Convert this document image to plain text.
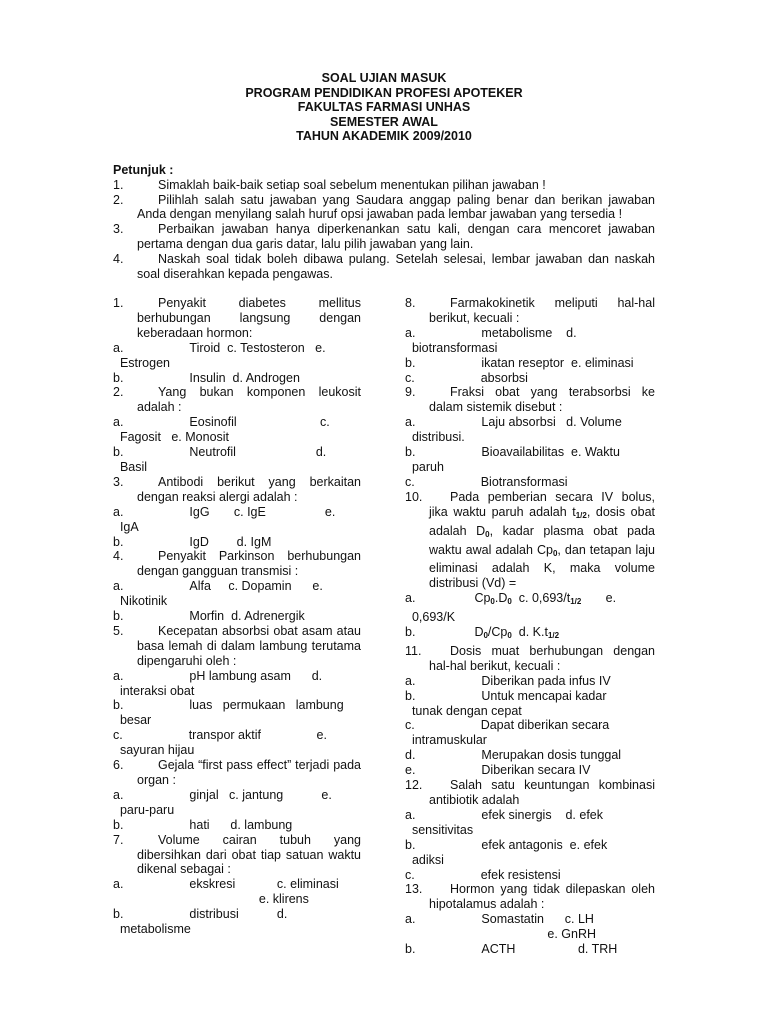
SOAL UJIAN MASUK
PROGRAM PENDIDIKAN PROFESI APOTEKER
FAKULTAS FARMASI UNHAS
SEMESTER AWAL
TAHUN AKADEMIK 2009/2010
Petunjuk :
1.	Simaklah baik-baik setiap soal sebelum menentukan pilihan jawaban !
2.	Pilihlah salah satu jawaban yang Saudara anggap paling benar dan berikan jawaban Anda dengan menyilang salah huruf opsi jawaban pada lembar jawaban yang tersedia !
3.	Perbaikan jawaban hanya diperkenankan satu kali, dengan cara mencoret jawaban pertama dengan dua garis datar, lalu pilih jawaban yang lain.
4.	Naskah soal tidak boleh dibawa pulang. Setelah selesai, lembar jawaban dan naskah soal diserahkan kepada pengawas.
1.	Penyakit diabetes mellitus berhubungan langsung dengan keberadaan hormon:
a.                   Tiroid  c. Testosteron   e.
Estrogen
b.                   Insulin  d. Androgen
2.	Yang bukan komponen leukosit adalah :
a.                   Eosinofil                        c.
Fagosit   e. Monosit
b.                   Neutrofil                       d.
Basil
3.	Antibodi berikut yang berkaitan dengan reaksi alergi adalah :
a.                   IgG       c. IgE                 e.
IgA
b.                   IgD        d. IgM
4.	Penyakit Parkinson berhubungan dengan gangguan transmisi :
a.                   Alfa     c. Dopamin      e.
Nikotinik
b.                   Morfin  d. Adrenergik
5.	Kecepatan absorbsi obat asam atau basa lemah di dalam lambung terutama dipengaruhi oleh :
a.                   pH lambung asam      d.
interaksi obat
b.                   luas   permukaan   lambung
besar
c.                   transpor aktif                e.
sayuran hijau
6.	Gejala “first pass effect” terjadi pada organ :
a.                   ginjal   c. jantung           e.
paru-paru
b.                   hati      d. lambung
7.	Volume cairan tubuh yang dibersihkan dari obat tiap satuan waktu dikenal sebagai :
a.                   ekskresi            c. eliminasi
e. klirens
b.                   distribusi           d.
metabolisme
8.	Farmakokinetik meliputi hal-hal berikut, kecuali :
a.                   metabolisme    d.
biotransformasi
b.                   ikatan reseptor  e. eliminasi
c.                   absorbsi
9.	Fraksi obat yang terabsorbsi ke dalam sistemik disebut :
a.                   Laju absorbsi   d. Volume
distribusi.
b.                   Bioavailabilitas  e. Waktu
paruh
c.                   Biotransformasi
10.	Pada pemberian secara IV bolus, jika waktu paruh adalah $t_{1/2}$, dosis obat adalah $D_0$, kadar plasma obat pada waktu awal adalah $Cp_0$, dan tetapan laju eliminasi adalah K, maka volume distribusi (Vd) =
a.	$Cp_0.D_0$  c. $0,693/t_{1/2}$       e.
0,693/K
b.	$D_0/Cp_0$  d. $K.t_{1/2}$
11.	Dosis muat berhubungan dengan hal-hal berikut, kecuali :
a.                   Diberikan pada infus IV
b.                   Untuk mencapai kadar
tunak dengan cepat
c.                   Dapat diberikan secara
intramuskular
d.                   Merupakan dosis tunggal
e.                   Diberikan secara IV
12.	Salah satu keuntungan kombinasi antibiotik adalah
a.                   efek sinergis    d. efek
sensitivitas
b.                   efek antagonis  e. efek
adiksi
c.                   efek resistensi
13.	Hormon yang tidak dilepaskan oleh hipotalamus adalah :
a.                   Somastatin      c. LH
e. GnRH
b.                   ACTH                  d. TRH
